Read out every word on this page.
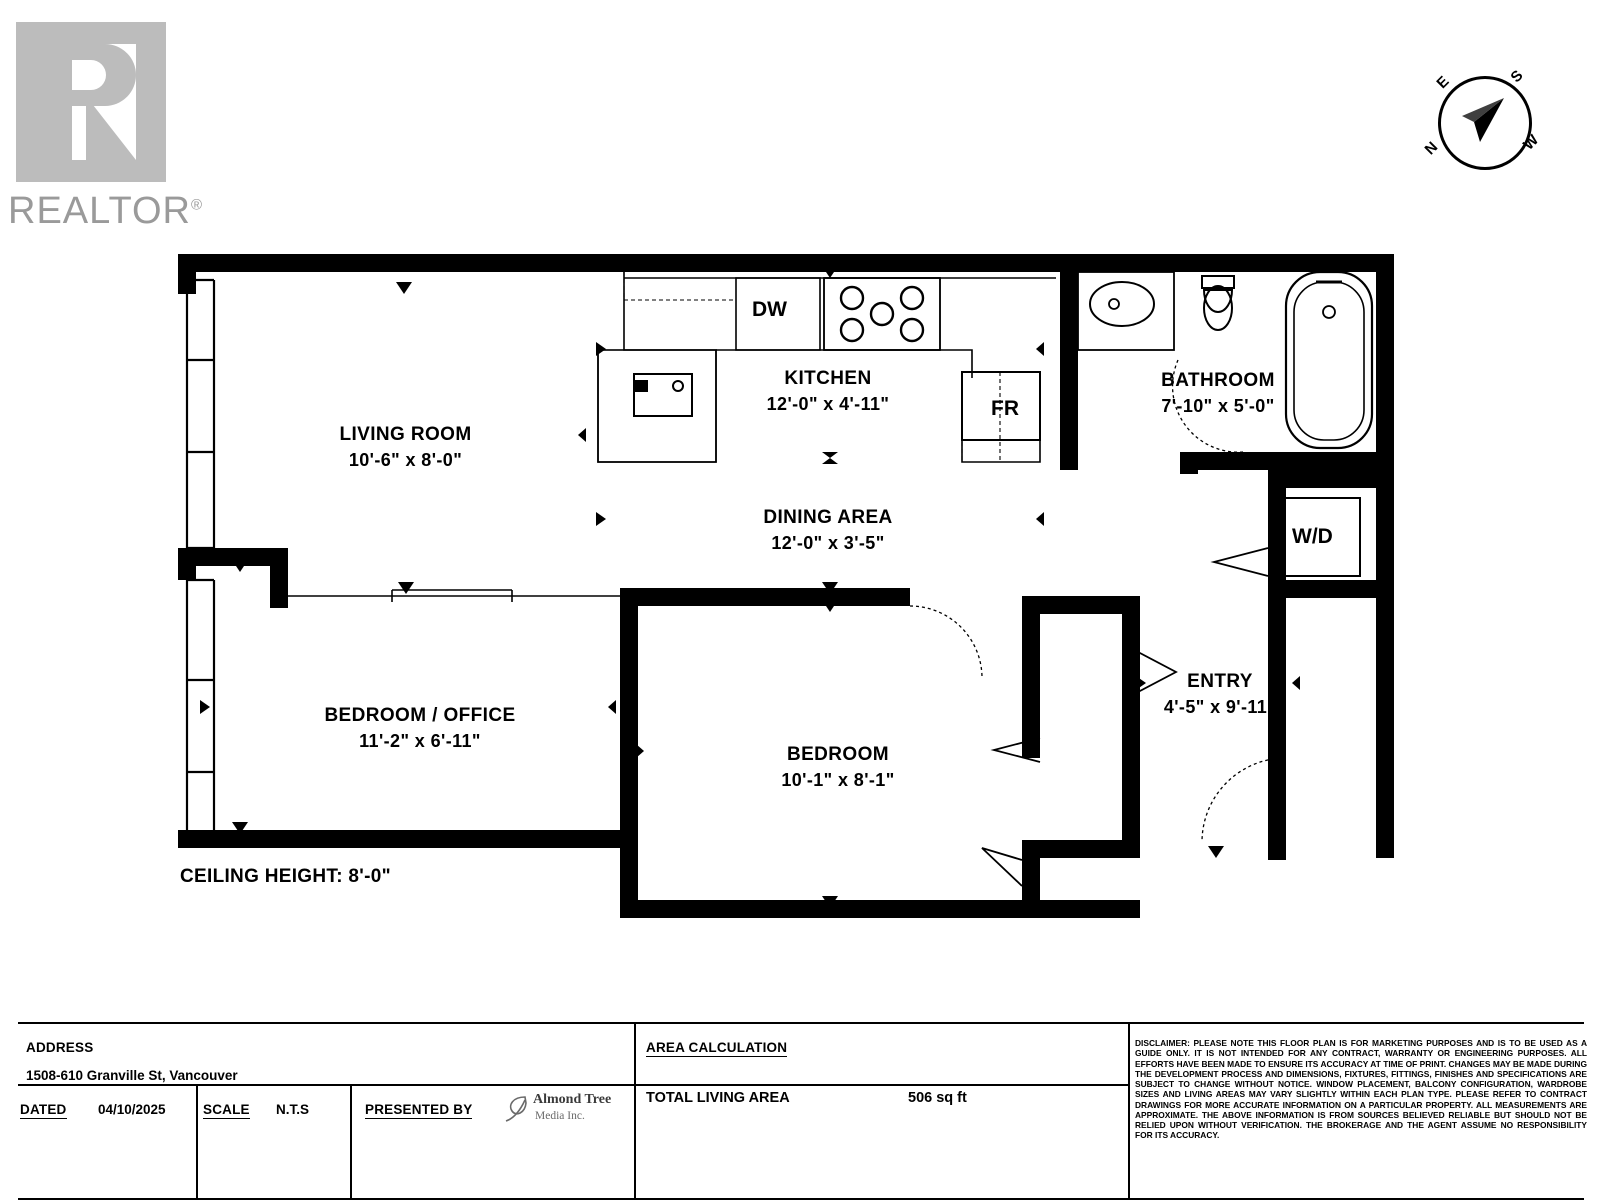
REALTOR®
N
E	S
W
LIVING ROOM
10'-6" x 8'-0"
KITCHEN
12'-0" x 4'-11"
DINING AREA
12'-0" x 3'-5"
BATHROOM
7'-10" x 5'-0"
BEDROOM / OFFICE
11'-2" x 6'-11"
BEDROOM
10'-1" x 8'-1"
ENTRY
4'-5" x 9'-11"
DW
FR
W/D
CEILING HEIGHT: 8'-0"
ADDRESS
1508-610 Granville St, Vancouver
DATED 04/10/2025	SCALE N.T.S	PRESENTED BY
AREA CALCULATION
TOTAL LIVING AREA	506 sq ft
Almond Tree
Media Inc.
DISCLAIMER: PLEASE NOTE THIS FLOOR PLAN IS FOR MARKETING PURPOSES AND IS TO BE USED AS A GUIDE ONLY. IT IS NOT INTENDED FOR ANY CONTRACT, WARRANTY OR ENGINEERING PURPOSES. ALL EFFORTS HAVE BEEN MADE TO ENSURE ITS ACCURACY AT TIME OF PRINT. CHANGES MAY BE MADE DURING THE DEVELOPMENT PROCESS AND DIMENSIONS, FIXTURES, FITTINGS, FINISHES AND SPECIFICATIONS ARE SUBJECT TO CHANGE WITHOUT NOTICE. WINDOW PLACEMENT, BALCONY CONFIGURATION, WARDROBE SIZES AND LIVING AREAS MAY VARY SLIGHTLY WITHIN EACH PLAN TYPE. PLEASE REFER TO CONTRACT DRAWINGS FOR MORE ACCURATE INFORMATION ON A PARTICULAR PROPERTY. ALL MEASUREMENTS ARE APPROXIMATE. THE ABOVE INFORMATION IS FROM SOURCES BELIEVED RELIABLE BUT SHOULD NOT BE RELIED UPON WITHOUT VERIFICATION. THE BROKERAGE AND THE AGENT ASSUME NO RESPONSIBILITY FOR ITS ACCURACY.
